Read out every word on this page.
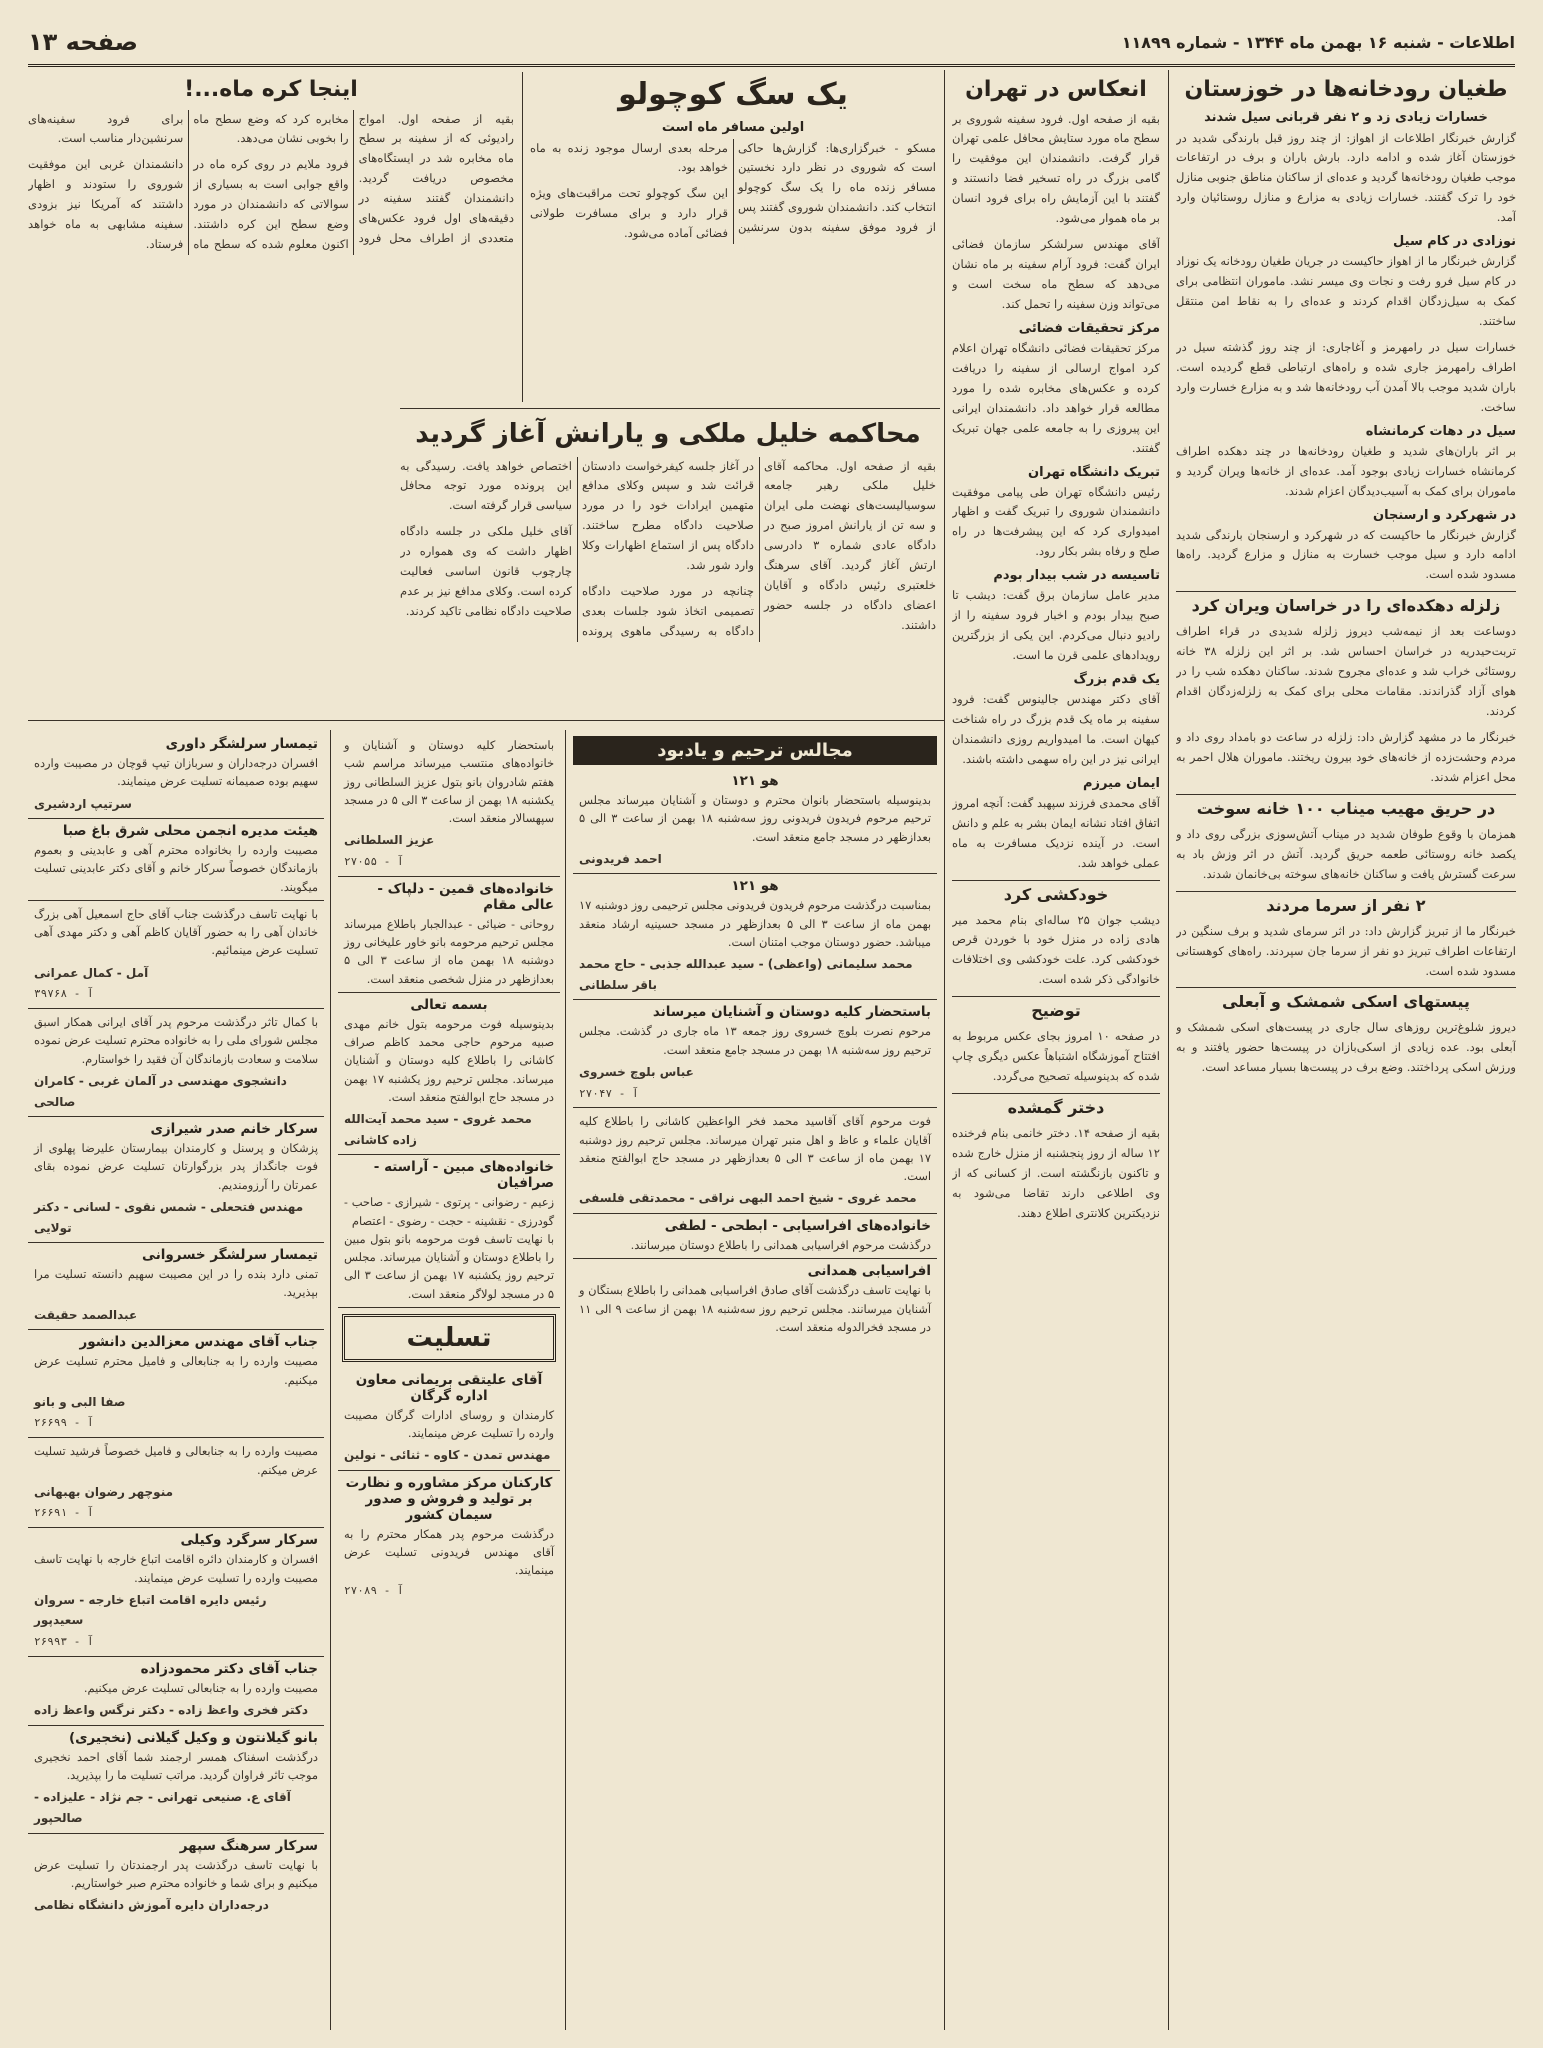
اطلاعات - شنبه ۱۶ بهمن ماه ۱۳۴۴ - شماره ۱۱۸۹۹
صفحه ۱۳
طغیان رودخانه‌ها در خوزستان
خسارات زیادی زد و ۲ نفر قربانی سیل شدند

گزارش خبرنگار اطلاعات از اهواز: از چند روز قبل بارندگی شدید در خوزستان آغاز شده و ادامه دارد. بارش باران و برف در ارتفاعات موجب طغیان رودخانه‌ها گردید و عده‌ای از ساکنان مناطق جنوبی منازل خود را ترک گفتند. خسارات زیادی به مزارع و منازل روستائیان وارد آمد.

نوزادی در کام سیل

گزارش خبرنگار ما از اهواز حاکیست در جریان طغیان رودخانه یک نوزاد در کام سیل فرو رفت و نجات وی میسر نشد. ماموران انتظامی برای کمک به سیل‌زدگان اقدام کردند و عده‌ای را به نقاط امن منتقل ساختند.

خسارات سیل در رامهرمز و آغاجاری: از چند روز گذشته سیل در اطراف رامهرمز جاری شده و راه‌های ارتباطی قطع گردیده است. باران شدید موجب بالا آمدن آب رودخانه‌ها شد و به مزارع خسارت وارد ساخت.

سیل در دهات کرمانشاه

بر اثر باران‌های شدید و طغیان رودخانه‌ها در چند دهکده اطراف کرمانشاه خسارات زیادی بوجود آمد. عده‌ای از خانه‌ها ویران گردید و ماموران برای کمک به آسیب‌دیدگان اعزام شدند.

در شهرکرد و ارسنجان

گزارش خبرنگار ما حاکیست که در شهرکرد و ارسنجان بارندگی شدید ادامه دارد و سیل موجب خسارت به منازل و مزارع گردید. راه‌ها مسدود شده است.

زلزله دهکده‌ای را در خراسان ویران کرد

دوساعت بعد از نیمه‌شب دیروز زلزله شدیدی در قراء اطراف تربت‌حیدریه در خراسان احساس شد. بر اثر این زلزله ۳۸ خانه روستائی خراب شد و عده‌ای مجروح شدند. ساکنان دهکده شب را در هوای آزاد گذراندند. مقامات محلی برای کمک به زلزله‌زدگان اقدام کردند.

خبرنگار ما در مشهد گزارش داد: زلزله در ساعت دو بامداد روی داد و مردم وحشت‌زده از خانه‌های خود بیرون ریختند. ماموران هلال احمر به محل اعزام شدند.

در حریق مهیب میناب ۱۰۰ خانه سوخت

همزمان با وقوع طوفان شدید در میناب آتش‌سوزی بزرگی روی داد و یکصد خانه روستائی طعمه حریق گردید. آتش در اثر وزش باد به سرعت گسترش یافت و ساکنان خانه‌های سوخته بی‌خانمان شدند.

۲ نفر از سرما مردند

خبرنگار ما از تبریز گزارش داد: در اثر سرمای شدید و برف سنگین در ارتفاعات اطراف تبریز دو نفر از سرما جان سپردند. راه‌های کوهستانی مسدود شده است.

پیستهای اسکی شمشک و آبعلی

دیروز شلوغ‌ترین روزهای سال جاری در پیست‌های اسکی شمشک و آبعلی بود. عده زیادی از اسکی‌بازان در پیست‌ها حضور یافتند و به ورزش اسکی پرداختند. وضع برف در پیست‌ها بسیار مساعد است.

انعکاس در تهران

بقیه از صفحه اول. فرود سفینه شوروی بر سطح ماه مورد ستایش محافل علمی تهران قرار گرفت. دانشمندان این موفقیت را گامی بزرگ در راه تسخیر فضا دانستند و گفتند با این آزمایش راه برای فرود انسان بر ماه هموار می‌شود.

آقای مهندس سرلشکر سازمان فضائی ایران گفت: فرود آرام سفینه بر ماه نشان می‌دهد که سطح ماه سخت است و می‌تواند وزن سفینه را تحمل کند.

مرکز تحقیقات فضائی

مرکز تحقیقات فضائی دانشگاه تهران اعلام کرد امواج ارسالی از سفینه را دریافت کرده و عکس‌های مخابره شده را مورد مطالعه قرار خواهد داد. دانشمندان ایرانی این پیروزی را به جامعه علمی جهان تبریک گفتند.

تبریک دانشگاه تهران

رئیس دانشگاه تهران طی پیامی موفقیت دانشمندان شوروی را تبریک گفت و اظهار امیدواری کرد که این پیشرفت‌ها در راه صلح و رفاه بشر بکار رود.

تاسیسه در شب بیدار بودم

مدیر عامل سازمان برق گفت: دیشب تا صبح بیدار بودم و اخبار فرود سفینه را از رادیو دنبال می‌کردم. این یکی از بزرگترین رویدادهای علمی قرن ما است.

یک قدم بزرگ

آقای دکتر مهندس جالینوس گفت: فرود سفینه بر ماه یک قدم بزرگ در راه شناخت کیهان است. ما امیدواریم روزی دانشمندان ایرانی نیز در این راه سهمی داشته باشند.

ایمان میرزم

آقای محمدی فرزند سپهبد گفت: آنچه امروز اتفاق افتاد نشانه ایمان بشر به علم و دانش است. در آینده نزدیک مسافرت به ماه عملی خواهد شد.

خودکشی کرد

دیشب جوان ۲۵ ساله‌ای بنام محمد میر هادی زاده در منزل خود با خوردن قرص خودکشی کرد. علت خودکشی وی اختلافات خانوادگی ذکر شده است.

توضیح

در صفحه ۱۰ امروز بجای عکس مربوط به افتتاح آموزشگاه اشتباهاً عکس دیگری چاپ شده که بدینوسیله تصحیح می‌گردد.

دختر گمشده

بقیه از صفحه ۱۴. دختر خانمی بنام فرخنده ۱۲ ساله از روز پنجشنبه از منزل خارج شده و تاکنون بازنگشته است. از کسانی که از وی اطلاعی دارند تقاضا می‌شود به نزدیکترین کلانتری اطلاع دهند.

یک سگ کوچولو
اولین مسافر ماه است

مسکو - خبرگزاری‌ها: گزارش‌ها حاکی است که شوروی در نظر دارد نخستین مسافر زنده ماه را یک سگ کوچولو انتخاب کند. دانشمندان شوروی گفتند پس از فرود موفق سفینه بدون سرنشین مرحله بعدی ارسال موجود زنده به ماه خواهد بود.

این سگ کوچولو تحت مراقبت‌های ویژه قرار دارد و برای مسافرت طولانی فضائی آماده می‌شود.

اینجا کره ماه...!

بقیه از صفحه اول. امواج رادیوئی که از سفینه بر سطح ماه مخابره شد در ایستگاه‌های مخصوص دریافت گردید. دانشمندان گفتند سفینه در دقیقه‌های اول فرود عکس‌های متعددی از اطراف محل فرود مخابره کرد که وضع سطح ماه را بخوبی نشان می‌دهد.

فرود ملایم در روی کره ماه در واقع جوابی است به بسیاری از سوالاتی که دانشمندان در مورد وضع سطح این کره داشتند. اکنون معلوم شده که سطح ماه برای فرود سفینه‌های سرنشین‌دار مناسب است.

دانشمندان غربی این موفقیت شوروی را ستودند و اظهار داشتند که آمریکا نیز بزودی سفینه مشابهی به ماه خواهد فرستاد.

محاکمه خلیل ملکی و یارانش آغاز گردید

بقیه از صفحه اول. محاکمه آقای خلیل ملکی رهبر جامعه سوسیالیست‌های نهضت ملی ایران و سه تن از یارانش امروز صبح در دادگاه عادی شماره ۳ دادرسی ارتش آغاز گردید. آقای سرهنگ خلعتبری رئیس دادگاه و آقایان اعضای دادگاه در جلسه حضور داشتند.

در آغاز جلسه کیفرخواست دادستان قرائت شد و سپس وکلای مدافع متهمین ایرادات خود را در مورد صلاحیت دادگاه مطرح ساختند. دادگاه پس از استماع اظهارات وکلا وارد شور شد.

چنانچه در مورد صلاحیت دادگاه تصمیمی اتخاذ شود جلسات بعدی دادگاه به رسیدگی ماهوی پرونده اختصاص خواهد یافت. رسیدگی به این پرونده مورد توجه محافل سیاسی قرار گرفته است.

آقای خلیل ملکی در جلسه دادگاه اظهار داشت که وی همواره در چارچوب قانون اساسی فعالیت کرده است. وکلای مدافع نیز بر عدم صلاحیت دادگاه نظامی تاکید کردند.

مجالس ترحیم و یادبود
هو ۱۲۱

بدینوسیله باستحضار بانوان محترم و دوستان و آشنایان میرساند مجلس ترحیم مرحوم فریدون فریدونی روز سه‌شنبه ۱۸ بهمن از ساعت ۳ الی ۵ بعدازظهر در مسجد جامع منعقد است.

احمد فریدونی

هو ۱۲۱

بمناسبت درگذشت مرحوم فریدون فریدونی مجلس ترحیمی روز دوشنبه ۱۷ بهمن ماه از ساعت ۳ الی ۵ بعدازظهر در مسجد حسینیه ارشاد منعقد میباشد. حضور دوستان موجب امتنان است.

محمد سلیمانی (واعظی) - سید عبدالله جذبی - حاج محمد باقر سلطانی

باستحضار کلیه دوستان و آشنایان میرساند

مرحوم نصرت بلوچ خسروی روز جمعه ۱۳ ماه جاری در گذشت. مجلس ترحیم روز سه‌شنبه ۱۸ بهمن در مسجد جامع منعقد است.

عباس بلوچ خسروی

آ - ۲۷۰۴۷

فوت مرحوم آقای آقاسید محمد فخر الواعظین کاشانی را باطلاع کلیه آقایان علماء و عاظ و اهل منبر تهران میرساند. مجلس ترحیم روز دوشنبه ۱۷ بهمن ماه از ساعت ۳ الی ۵ بعدازظهر در مسجد حاج ابوالفتح منعقد است.

محمد غروی - شیخ احمد البهی نراقی - محمدتقی فلسفی

خانواده‌های افراسیابی - ابطحی - لطفی

درگذشت مرحوم افراسیابی همدانی را باطلاع دوستان میرسانند.

افراسیابی همدانی

با نهایت تاسف درگذشت آقای صادق افراسیابی همدانی را باطلاع بستگان و آشنایان میرسانند. مجلس ترحیم روز سه‌شنبه ۱۸ بهمن از ساعت ۹ الی ۱۱ در مسجد فخرالدوله منعقد است.

باستحضار کلیه دوستان و آشنایان و خانواده‌های منتسب میرساند مراسم شب هفتم شادروان بانو بتول عزیز السلطانی روز یکشنبه ۱۸ بهمن از ساعت ۳ الی ۵ در مسجد سپهسالار منعقد است.

عزیز السلطانی

آ - ۲۷۰۵۵

خانواده‌های قمین - دلپاک - عالی مقام

روحانی - ضیائی - عبدالجبار باطلاع میرساند مجلس ترحیم مرحومه بانو خاور علیخانی روز دوشنبه ۱۸ بهمن ماه از ساعت ۳ الی ۵ بعدازظهر در منزل شخصی منعقد است.

بسمه تعالی

بدینوسیله فوت مرحومه بتول خانم مهدی صبیه مرحوم حاجی محمد کاظم صراف کاشانی را باطلاع کلیه دوستان و آشنایان میرساند. مجلس ترحیم روز یکشنبه ۱۷ بهمن در مسجد حاج ابوالفتح منعقد است.

محمد غروی - سید محمد آیت‌الله زاده کاشانی

خانواده‌های مبین - آراسته - صرافیان

زعیم - رضوانی - پرتوی - شیرازی - صاحب - گودرزی - نقشینه - حجت - رضوی - اعتصام

با نهایت تاسف فوت مرحومه بانو بتول مبین را باطلاع دوستان و آشنایان میرساند. مجلس ترحیم روز یکشنبه ۱۷ بهمن از ساعت ۳ الی ۵ در مسجد لولاگر منعقد است.

تسلیت
آقای علیتقی بریمانی معاون اداره گرگان

کارمندان و روسای ادارات گرگان مصیبت وارده را تسلیت عرض مینمایند.

مهندس تمدن - کاوه - ثنائی - نولین

کارکنان مرکز مشاوره و نظارت بر تولید و فروش و صدور سیمان کشور

درگذشت مرحوم پدر همکار محترم را به آقای مهندس فریدونی تسلیت عرض مینمایند.

آ - ۲۷۰۸۹

تیمسار سرلشگر داوری

افسران درجه‌داران و سربازان تیپ قوچان در مصیبت وارده سهیم بوده صمیمانه تسلیت عرض مینمایند.

سرتیپ اردشیری

هیئت مدیره انجمن محلی شرق باغ صبا

مصیبت وارده را بخانواده محترم آهی و عابدینی و بعموم بازماندگان خصوصاً سرکار خانم و آقای دکتر عابدینی تسلیت میگویند.

با نهایت تاسف درگذشت جناب آقای حاج اسمعیل آهی بزرگ خاندان آهی را به حضور آقایان کاظم آهی و دکتر مهدی آهی تسلیت عرض مینمائیم.

آمل - کمال عمرانی

آ - ۳۹۷۶۸

با کمال تاثر درگذشت مرحوم پدر آقای ایرانی همکار اسبق مجلس شورای ملی را به خانواده محترم تسلیت عرض نموده سلامت و سعادت بازماندگان آن فقید را خواستارم.

دانشجوی مهندسی در آلمان غربی - کامران صالحی

سرکار خانم صدر شیرازی

پزشکان و پرسنل و کارمندان بیمارستان علیرضا پهلوی از فوت جانگداز پدر بزرگوارتان تسلیت عرض نموده بقای عمرتان را آرزومندیم.

مهندس فتحعلی - شمس نقوی - لسانی - دکتر تولایی

تیمسار سرلشگر خسروانی

تمنی دارد بنده را در این مصیبت سهیم دانسته تسلیت مرا بپذیرید.

عبدالصمد حقیقت

جناب آقای مهندس معزالدین دانشور

مصیبت وارده را به جنابعالی و فامیل محترم تسلیت عرض میکنیم.

صفا البی و بانو

آ - ۲۶۶۹۹

مصیبت وارده را به جنابعالی و فامیل خصوصاً فرشید تسلیت عرض میکنم.

منوچهر رضوان بهبهانی

آ - ۲۶۶۹۱

سرکار سرگرد وکیلی

افسران و کارمندان دائره اقامت اتباع خارجه با نهایت تاسف مصیبت وارده را تسلیت عرض مینمایند.

رئیس دایره اقامت اتباع خارجه - سروان سعیدپور

آ - ۲۶۹۹۳

جناب آقای دکتر محمودزاده

مصیبت وارده را به جنابعالی تسلیت عرض میکنیم.

دکتر فخری واعظ زاده - دکتر نرگس واعظ زاده

بانو گیلانتون و وکیل گیلانی (نخجیری)

درگذشت اسفناک همسر ارجمند شما آقای احمد نخجیری موجب تاثر فراوان گردید. مراتب تسلیت ما را بپذیرید.

آقای ع. صنیعی تهرانی - جم نژاد - علیزاده - صالحپور

سرکار سرهنگ سپهر

با نهایت تاسف درگذشت پدر ارجمندتان را تسلیت عرض میکنیم و برای شما و خانواده محترم صبر خواستاریم.

درجه‌داران دایره آموزش دانشگاه نظامی
